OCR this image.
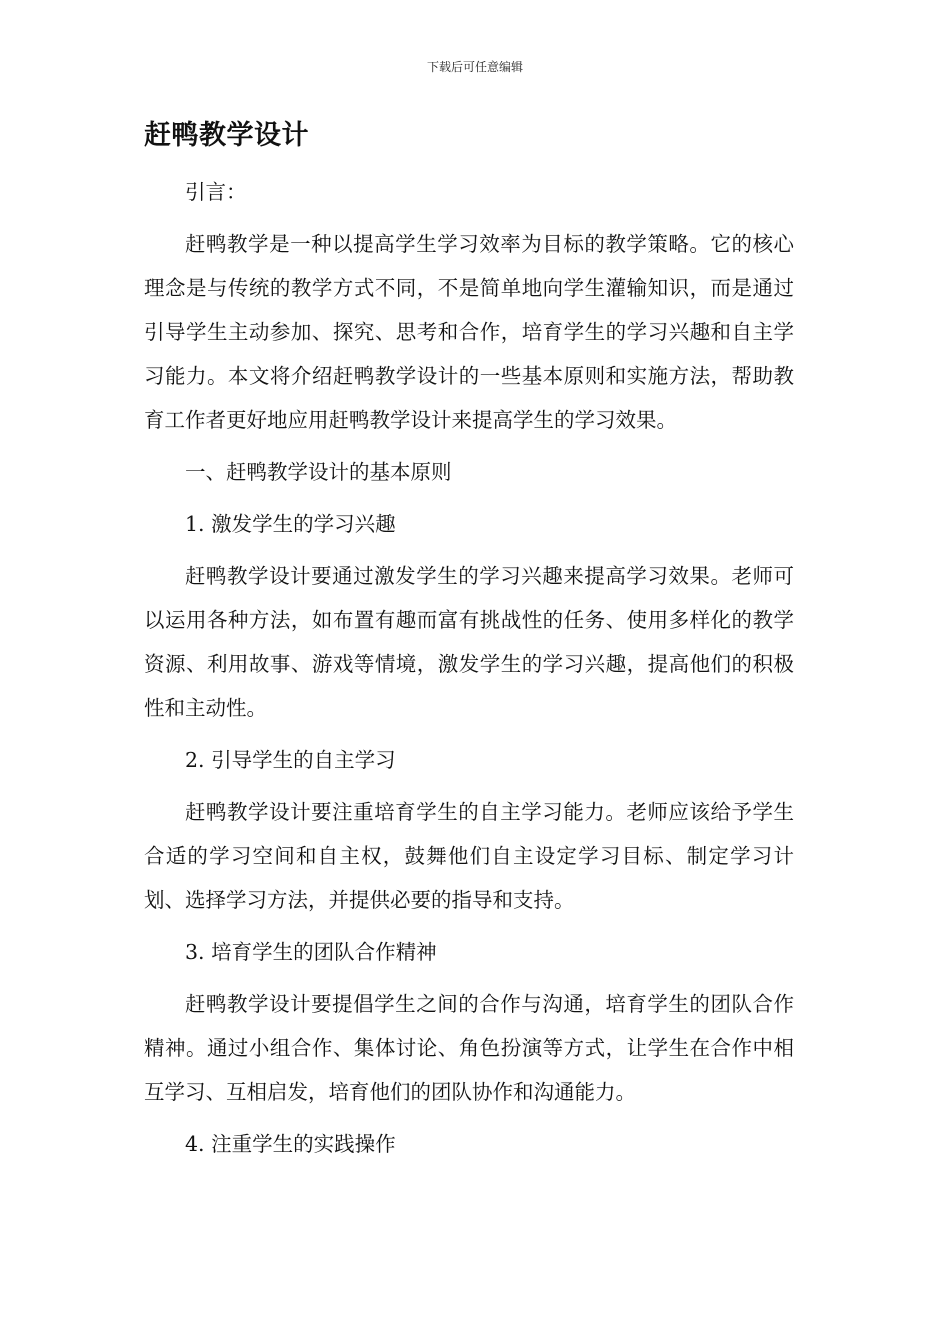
下载后可任意编辑
赶鸭教学设计

引言：

赶鸭教学是一种以提高学生学习效率为目标的教学策略。它的核心理念是与传统的教学方式不同，不是简单地向学生灌输知识，而是通过引导学生主动参加、探究、思考和合作，培育学生的学习兴趣和自主学习能力。本文将介绍赶鸭教学设计的一些基本原则和实施方法，帮助教育工作者更好地应用赶鸭教学设计来提高学生的学习效果。

一、赶鸭教学设计的基本原则

1. 激发学生的学习兴趣

赶鸭教学设计要通过激发学生的学习兴趣来提高学习效果。老师可以运用各种方法，如布置有趣而富有挑战性的任务、使用多样化的教学资源、利用故事、游戏等情境，激发学生的学习兴趣，提高他们的积极性和主动性。

2. 引导学生的自主学习

赶鸭教学设计要注重培育学生的自主学习能力。老师应该给予学生合适的学习空间和自主权，鼓舞他们自主设定学习目标、制定学习计划、选择学习方法，并提供必要的指导和支持。

3. 培育学生的团队合作精神

赶鸭教学设计要提倡学生之间的合作与沟通，培育学生的团队合作精神。通过小组合作、集体讨论、角色扮演等方式，让学生在合作中相互学习、互相启发，培育他们的团队协作和沟通能力。

4. 注重学生的实践操作
